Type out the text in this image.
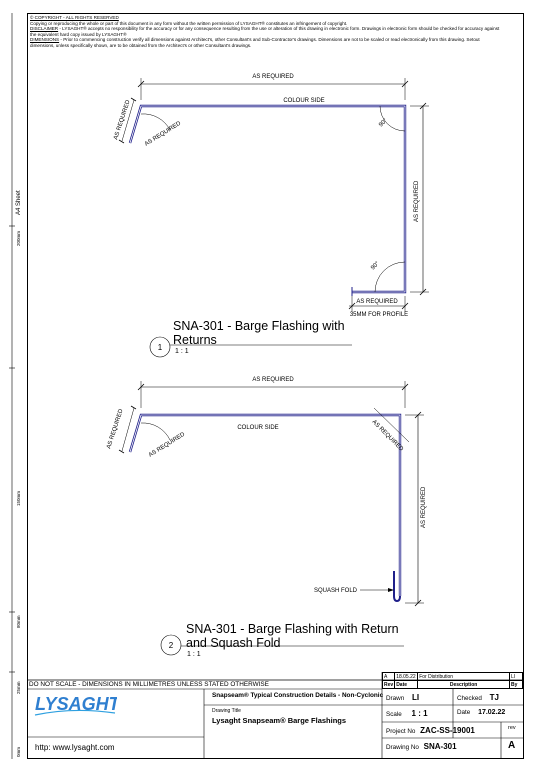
A4 Sheet
200mm
150mm
80mm
25mm
0mm
© COPYRIGHT - ALL RIGHTS RESERVED
Copying or reproducing the whole or part of this document in any form without the written permission of LYSAGHT® constitutes an infringement of copyright.
DISCLAIMER - LYSAGHT® accepts no responsibility for the accuracy or for any consequence resulting from the use or alteration of this drawing in electronic form. Drawings in electronic form should be checked for accuracy against
the equivalent hard copy issued by LYSAGHT®
DIMENSIONS - Prior to commencing construction verify all dimensions against Architect's, other Consultant's and Sub-Contractor's drawings. Dimensions are not to be scaled or read electronically from this drawing. Setout
dimensions, unless specifically shown, are to be obtained from the Architect's or other Consultant's drawings.
AS REQUIRED
COLOUR SIDE
AS REQUIRED AS REQUIRED	90°
90°
AS REQUIRED
AS REQUIRED
35MM FOR PROFILE
1
SNA-301 - Barge Flashing with
Returns
1 : 1
AS REQUIRED
COLOUR SIDE
AS REQUIRED	AS REQUIRED	AS REQUIRED
AS REQUIRED
SQUASH FOLD
2
SNA-301 - Barge Flashing with Return
and Squash Fold
1 : 1
A	18.05.22	For Distribution	LI
Rev	Date	Description	By
DO NOT SCALE - DIMENSIONS IN MILLIMETRES UNLESS STATED OTHERWISE
LYSAGHT
http: www.lysaght.com
Snapseam® Typical Construction Details - Non-Cyclonic
Drawing Title
Lysaght Snapseam® Barge Flashings
Drawn LI	Checked TJ
Scale 1 : 1	Date 17.02.22
Project No ZAC-SS-19001	rev
Drawing No SNA-301	A
